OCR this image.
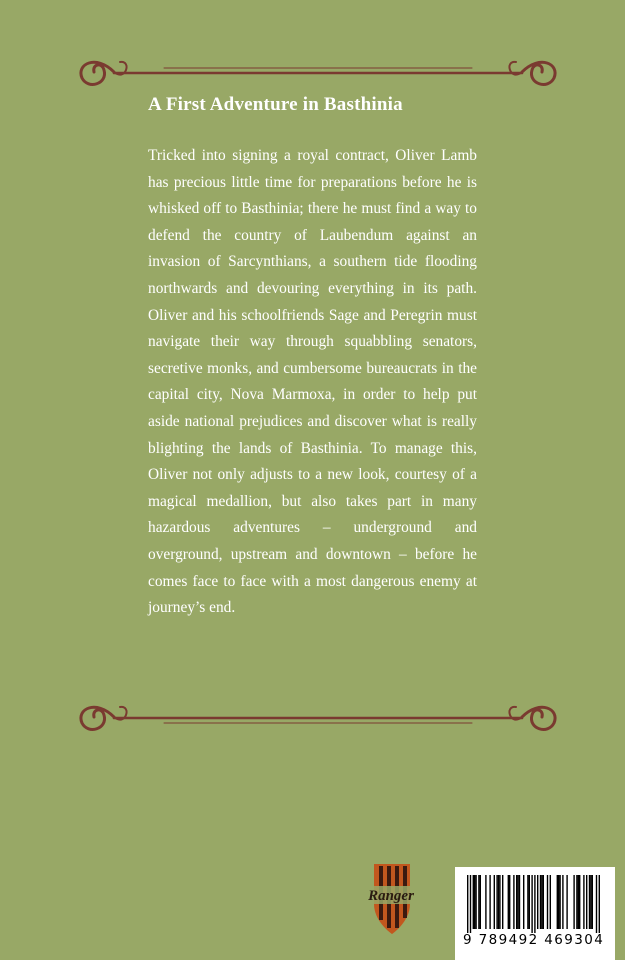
A First Adventure in Basthinia

Tricked into signing a royal contract, Oliver Lamb has precious little time for preparations before he is whisked off to Basthinia; there he must find a way to defend the country of Laubendum against an invasion of Sarcynthians, a southern tide flooding northwards and devouring everything in its path. Oliver and his schoolfriends Sage and Peregrin must navigate their way through squabbling senators, secretive monks, and cumbersome bureaucrats in the capital city, Nova Marmoxa, in order to help put aside national prejudices and discover what is really blighting the lands of Basthinia. To manage this, Oliver not only adjusts to a new look, courtesy of a magical medallion, but also takes part in many hazardous adventures – underground and overground, upstream and downtown – before he comes face to face with a most dangerous enemy at journey’s end.

Ranger
9 789492 469304
